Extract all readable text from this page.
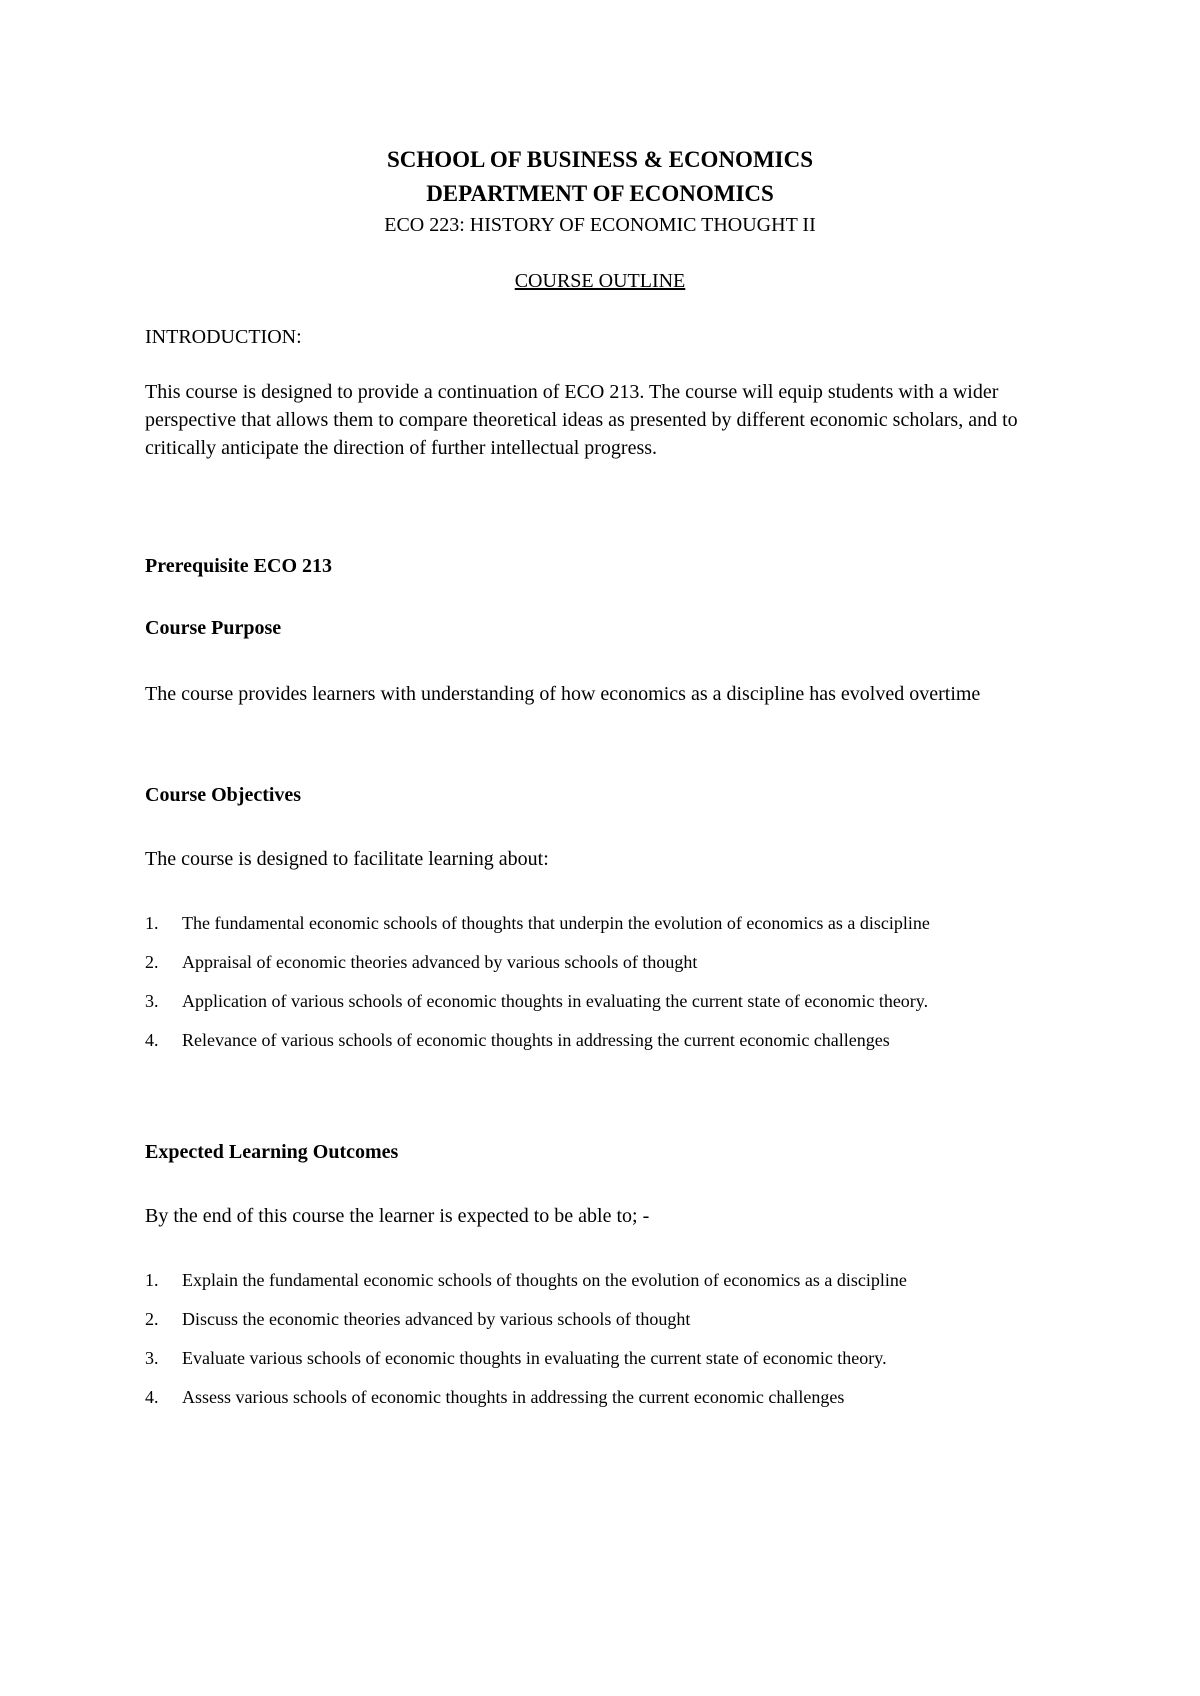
SCHOOL OF BUSINESS & ECONOMICS
DEPARTMENT OF ECONOMICS
ECO 223: HISTORY OF ECONOMIC THOUGHT II
COURSE OUTLINE
INTRODUCTION:

This course is designed to provide a continuation of ECO 213. The course will equip students with a wider perspective that allows them to compare theoretical ideas as presented by different economic scholars, and to critically anticipate the direction of further intellectual progress.

Prerequisite ECO 213
Course Purpose

The course provides learners with understanding of how economics as a discipline has evolved overtime

Course Objectives

The course is designed to facilitate learning about:

1.	The fundamental economic schools of thoughts that underpin the evolution of economics as a discipline
2.	Appraisal of economic theories advanced by various schools of thought
3.	Application of various schools of economic thoughts in evaluating the current state of economic theory.
4.	Relevance of various schools of economic thoughts in addressing the current economic challenges
Expected Learning Outcomes

By the end of this course the learner is expected to be able to; -

1.	Explain the fundamental economic schools of thoughts on the evolution of economics as a discipline
2.	Discuss the economic theories advanced by various schools of thought
3.	Evaluate various schools of economic thoughts in evaluating the current state of economic theory.
4.	Assess various schools of economic thoughts in addressing the current economic challenges
